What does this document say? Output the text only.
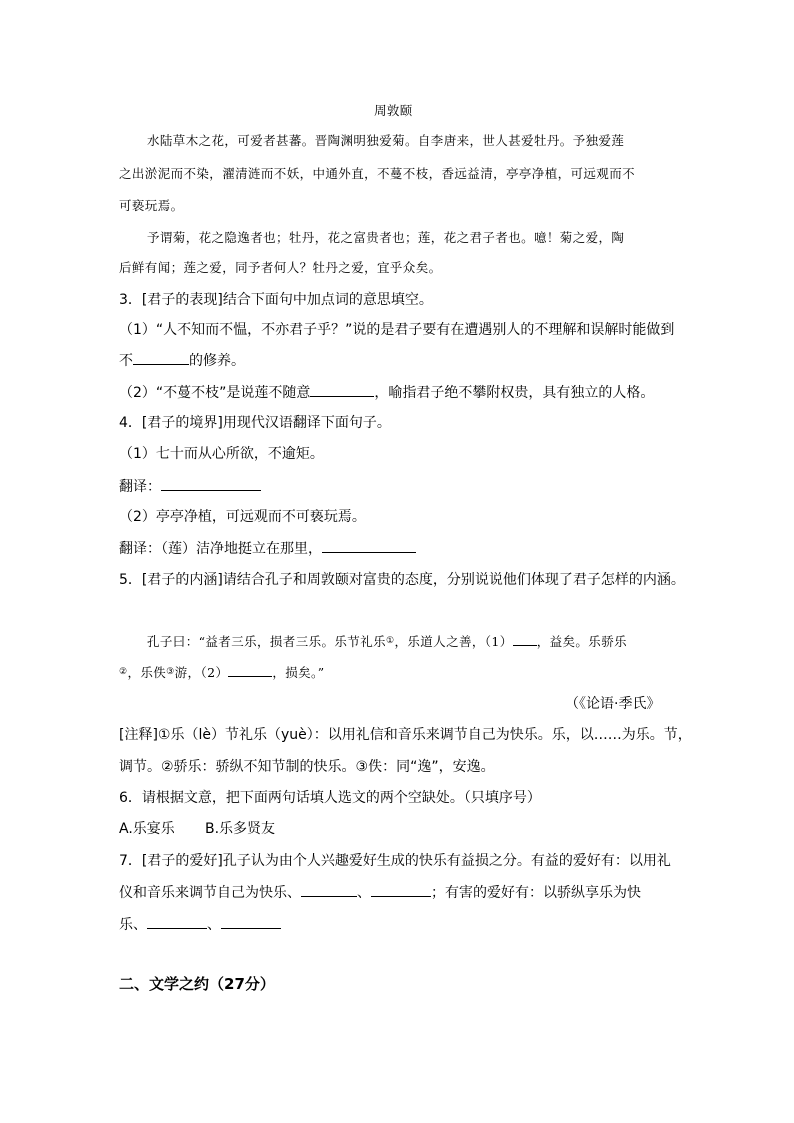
周敦颐
水陆草木之花，可爱者甚蕃。晋陶渊明独爱菊。自李唐来，世人甚爱牡丹。予独爱莲
之出淤泥而不染，濯清涟而不妖，中通外直，不蔓不枝，香远益清，亭亭净植，可远观而不
可亵玩焉。
予谓菊，花之隐逸者也；牡丹，花之富贵者也；莲，花之君子者也。噫！菊之爱，陶
后鲜有闻；莲之爱，同予者何人？牡丹之爱，宜乎众矣。
3．[君子的表现]结合下面句中加点词的意思填空。
（1）“人不知而不愠，不亦君子乎？”说的是君子要有在遭遇别人的不理解和误解时能做到
不	的修养。
（2）“不蔓不枝”是说莲不随意	，喻指君子绝不攀附权贵，具有独立的人格。
4．[君子的境界]用现代汉语翻译下面句子。
（1）七十而从心所欲，不逾矩。
翻译：
（2）亭亭净植，可远观而不可亵玩焉。
翻译：（莲）洁净地挺立在那里，
5．[君子的内涵]请结合孔子和周敦颐对富贵的态度，分别说说他们体现了君子怎样的内涵。
孔子曰：“益者三乐，损者三乐。乐节礼乐①，乐道人之善，（1） ，益矣。乐骄乐
②，乐佚③游，（2）	，损矣。”
（《论语·季氏》
[注释]①乐（lè）节礼乐（yuè）：以用礼信和音乐来调节自己为快乐。乐，以……为乐。节，
调节。②骄乐：骄纵不知节制的快乐。③佚：同“逸”，安逸。
6．请根据文意，把下面两句话填人选文的两个空缺处。（只填序号）
A.乐宴乐 B.乐多贤友
7．[君子的爱好]孔子认为由个人兴趣爱好生成的快乐有益损之分。有益的爱好有：以用礼
仪和音乐来调节自己为快乐、	、	；有害的爱好有：以骄纵享乐为快
乐、	、
二、文学之约（27分）
